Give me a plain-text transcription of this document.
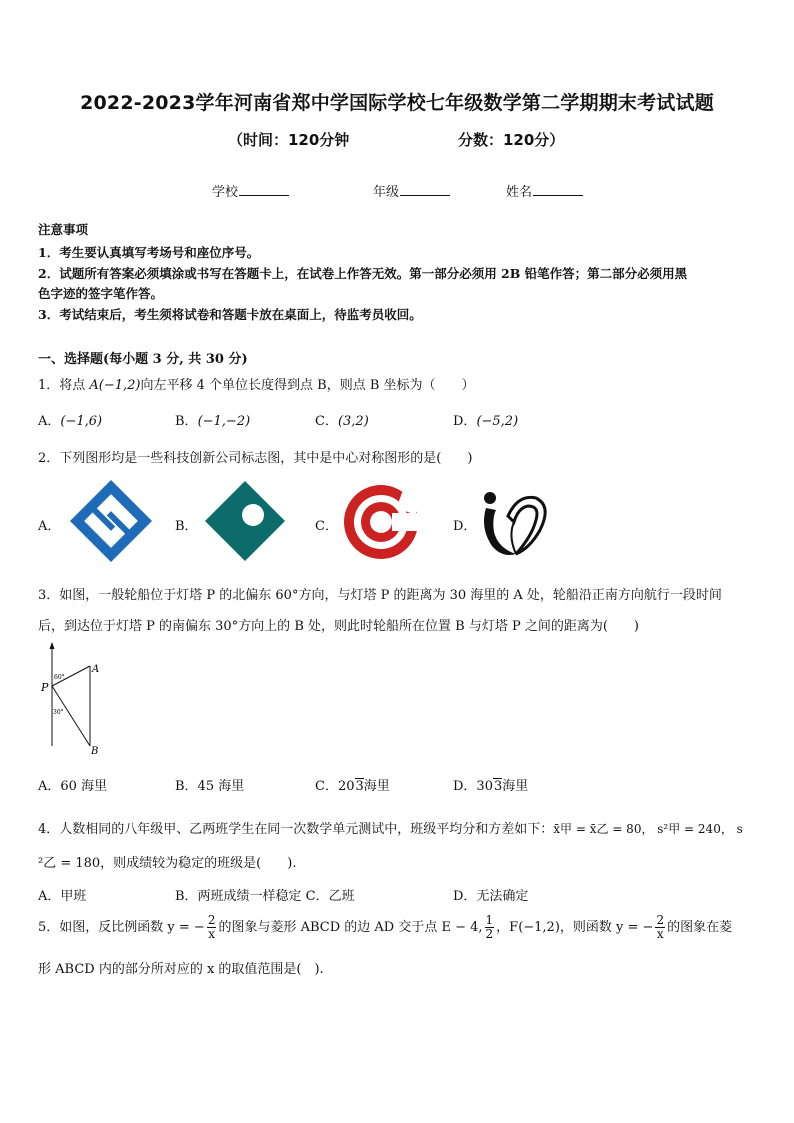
2022-2023学年河南省郑中学国际学校七年级数学第二学期期末考试试题
（时间：120分钟	分数：120分）
学校	年级	姓名
注意事项
1．考生要认真填写考场号和座位序号。
2．试题所有答案必须填涂或书写在答题卡上，在试卷上作答无效。第一部分必须用 2B 铅笔作答；第二部分必须用黑
色字迹的签字笔作答。
3．考试结束后，考生须将试卷和答题卡放在桌面上，待监考员收回。
一、选择题(每小题 3 分, 共 30 分)
1．将点 A(−1,2)向左平移 4 个单位长度得到点 B，则点 B 坐标为（　　）
A．(−1,6)	B．(−1,−2)	C．(3,2)	D．(−5,2)
2．下列图形均是一些科技创新公司标志图，其中是中心对称图形的是(　　)
A．	B．	C．	D．
3．如图，一般轮船位于灯塔 P 的北偏东 60°方向，与灯塔 P 的距离为 30 海里的 A 处，轮船沿正南方向航行一段时间
后，到达位于灯塔 P 的南偏东 30°方向上的 B 处，则此时轮船所在位置 B 与灯塔 P 之间的距离为(　　)
P
A
B
60°
30°
A．60 海里	B．45 海里	C．203海里	D．303海里
4．人数相同的八年级甲、乙两班学生在同一次数学单元测试中，班级平均分和方差如下：x̄甲 = x̄乙 = 80， s²甲 = 240， s
²乙 = 180，则成绩较为稳定的班级是(　　).
A．甲班	B．两班成绩一样稳定 C．乙班	D．无法确定
5．如图，反比例函数 y = − $\frac{2}{x}$ 的图象与菱形 ABCD 的边 AD 交于点 E − 4, $\frac{1}{2}$ ，F(−1,2)，则函数 y = − $\frac{2}{x}$ 的图象在菱
形 ABCD 内的部分所对应的 x 的取值范围是(　).
